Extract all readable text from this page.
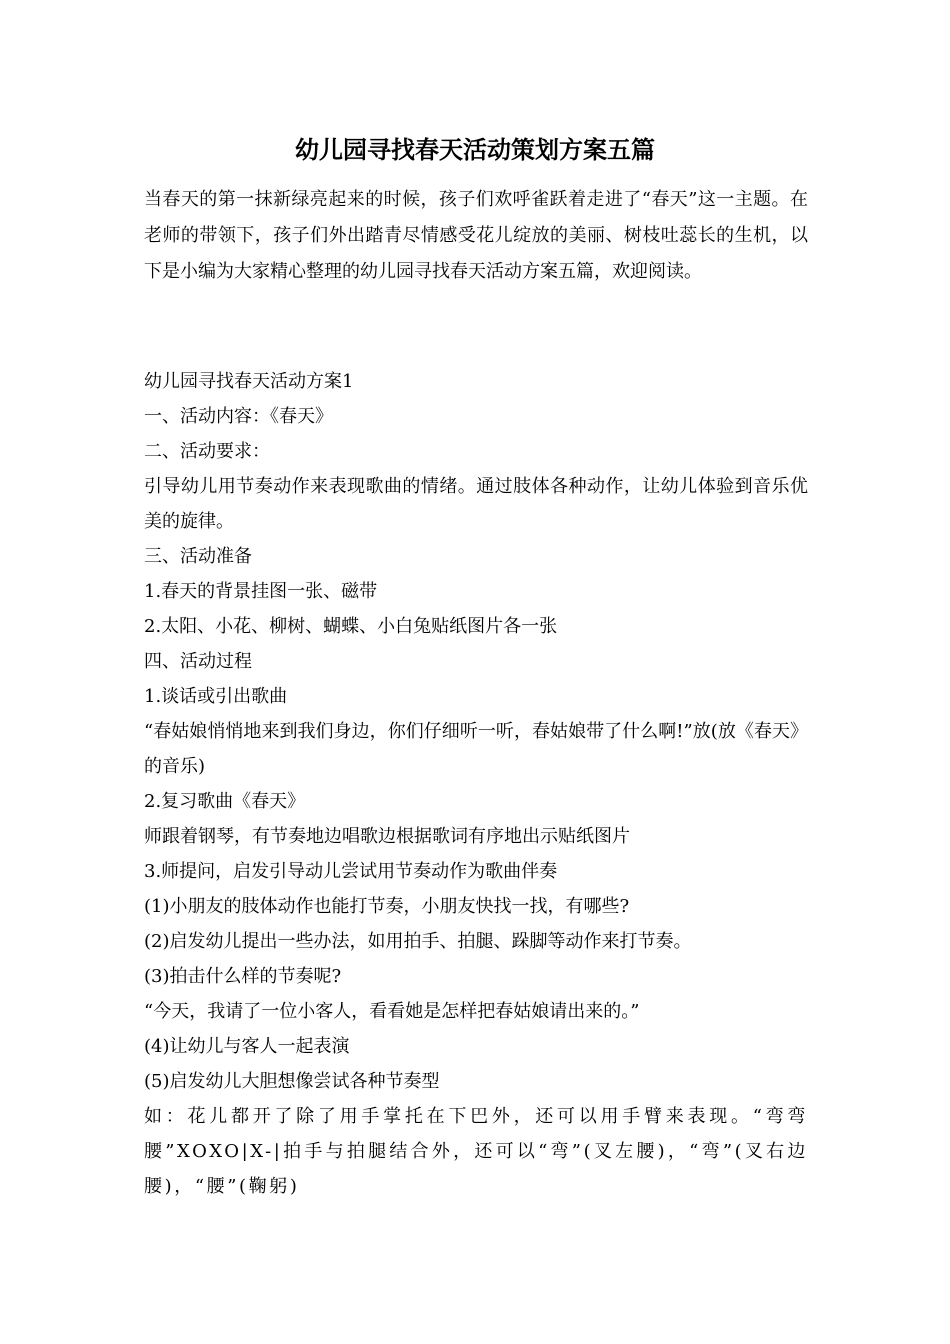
幼儿园寻找春天活动策划方案五篇

当春天的第一抹新绿亮起来的时候，孩子们欢呼雀跃着走进了“春天”这一主题。在老师的带领下，孩子们外出踏青尽情感受花儿绽放的美丽、树枝吐蕊长的生机，以下是小编为大家精心整理的幼儿园寻找春天活动方案五篇，欢迎阅读。

幼儿园寻找春天活动方案1

一、活动内容：《春天》

二、活动要求：

引导幼儿用节奏动作来表现歌曲的情绪。通过肢体各种动作，让幼儿体验到音乐优美的旋律。

三、活动准备

1.春天的背景挂图一张、磁带

2.太阳、小花、柳树、蝴蝶、小白兔贴纸图片各一张

四、活动过程

1.谈话或引出歌曲

“春姑娘悄悄地来到我们身边，你们仔细听一听，春姑娘带了什么啊!”放(放《春天》的音乐)

2.复习歌曲《春天》

师跟着钢琴，有节奏地边唱歌边根据歌词有序地出示贴纸图片

3.师提问，启发引导动儿尝试用节奏动作为歌曲伴奏

(1)小朋友的肢体动作也能打节奏，小朋友快找一找，有哪些?

(2)启发幼儿提出一些办法，如用拍手、拍腿、跺脚等动作来打节奏。

(3)拍击什么样的节奏呢?

“今天，我请了一位小客人，看看她是怎样把春姑娘请出来的。”

(4)让幼儿与客人一起表演

(5)启发幼儿大胆想像尝试各种节奏型

如：花儿都开了除了用手掌托在下巴外，还可以用手臂来表现。“弯弯腰”XOXO|X-|拍手与拍腿结合外，还可以“弯”(叉左腰)，“弯”(叉右边腰)，“腰”(鞠躬)
